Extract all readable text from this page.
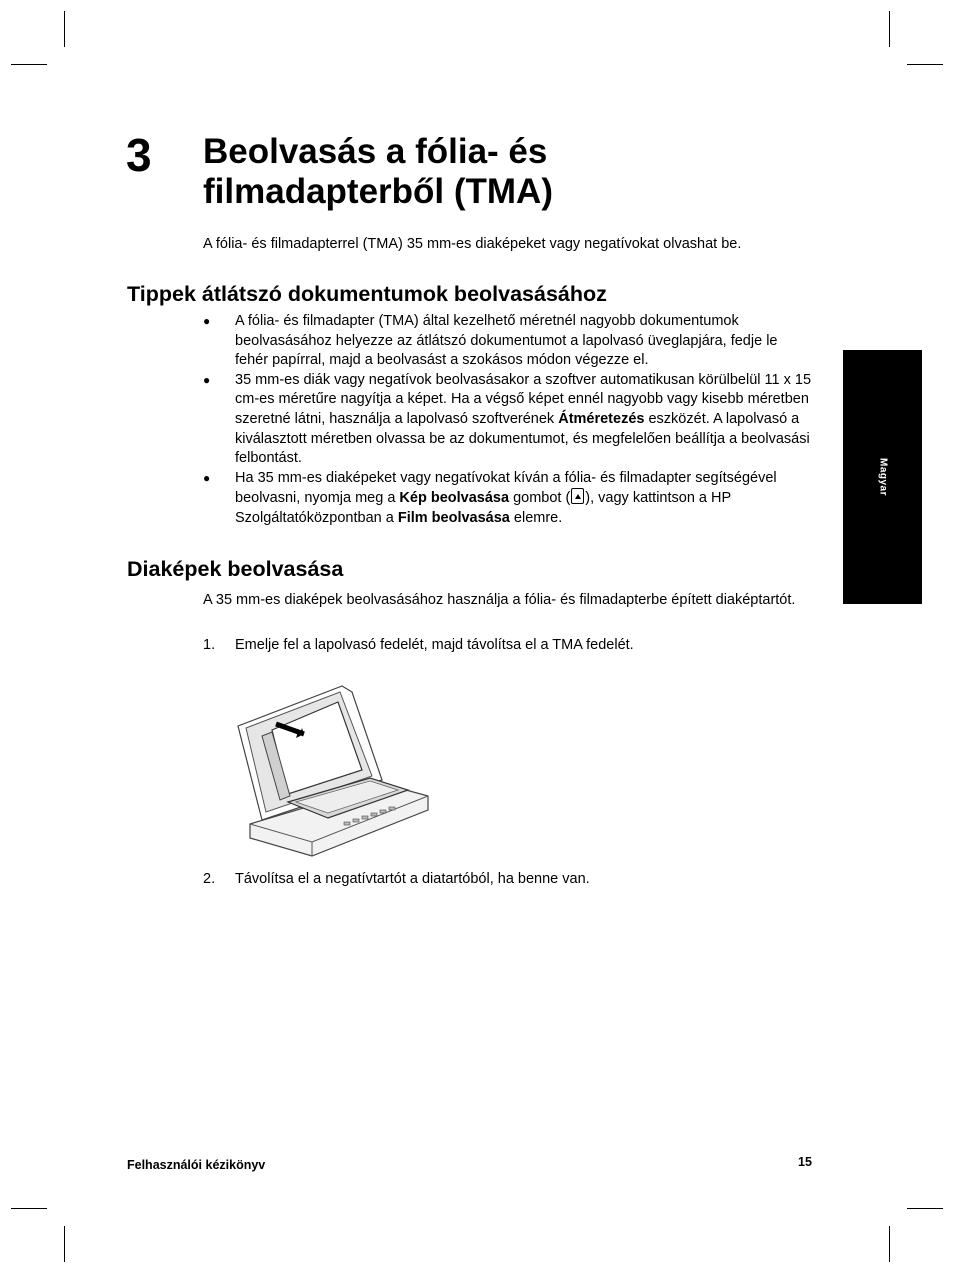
3 Beolvasás a fólia- és
filmadapterből (TMA)

A fólia- és filmadapterrel (TMA) 35 mm-es diaképeket vagy negatívokat olvashat be.

Tippek átlátszó dokumentumok beolvasásához
● A fólia- és filmadapter (TMA) által kezelhető méretnél nagyobb dokumentumok beolvasásához helyezze az átlátszó dokumentumot a lapolvasó üveglapjára, fedje le fehér papírral, majd a beolvasást a szokásos módon végezze el.
● 35 mm-es diák vagy negatívok beolvasásakor a szoftver automatikusan körülbelül 11 x 15 cm-es méretűre nagyítja a képet. Ha a végső képet ennél nagyobb vagy kisebb méretben szeretné látni, használja a lapolvasó szoftverének Átméretezés eszközét. A lapolvasó a kiválasztott méretben olvassa be az dokumentumot, és megfelelően beállítja a beolvasási felbontást.
● Ha 35 mm-es diaképeket vagy negatívokat kíván a fólia- és filmadapter segítségével beolvasni, nyomja meg a Kép beolvasása gombot ( ), vagy kattintson a HP Szolgáltatóközpontban a Film beolvasása elemre.
Diaképek beolvasása

A 35 mm-es diaképek beolvasásához használja a fólia- és filmadapterbe épített diaképtartót.

1. Emelje fel a lapolvasó fedelét, majd távolítsa el a TMA fedelét.

2. Távolítsa el a negatívtartót a diatartóból, ha benne van.

Magyar
Felhasználói kézikönyv	15
